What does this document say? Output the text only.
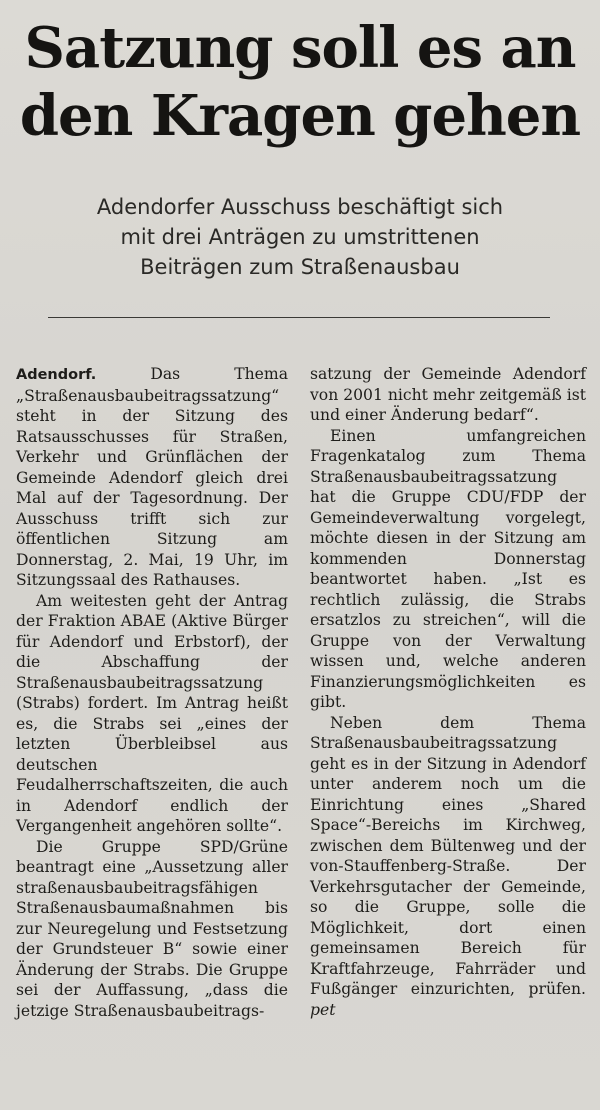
Satzung soll es an den Kragen gehen
Adendorfer Ausschuss beschäftigt sich
mit drei Anträgen zu umstrittenen
Beiträgen zum Straßenausbau

Adendorf.	Das Thema „Straßenausbaubeitragssatzung“ steht in der Sitzung des Ratsausschusses für Straßen, Verkehr und Grünflächen der Gemeinde Adendorf gleich drei Mal auf der Tagesordnung. Der Ausschuss trifft sich zur öffentlichen Sitzung am Donnerstag, 2. Mai, 19 Uhr, im Sitzungssaal des Rathauses.

Am weitesten geht der Antrag der Fraktion ABAE (Aktive Bürger für Adendorf und Erbstorf), der die Abschaffung der Straßenausbaubeitragssatzung (Strabs) fordert. Im Antrag heißt es, die Strabs sei „eines der letzten Überbleibsel aus deutschen Feudalherrschaftszeiten, die auch in Adendorf endlich der Vergangenheit angehören sollte“.

Die Gruppe SPD/Grüne beantragt eine „Aussetzung aller straßenausbaubeitragsfähigen Straßenausbaumaßnahmen bis zur Neuregelung und Festsetzung der Grundsteuer B“ sowie einer Änderung der Strabs. Die Gruppe sei der Auffassung, „dass die jetzige Straßenausbaubeitrags-

satzung der Gemeinde Adendorf von 2001 nicht mehr zeitgemäß ist und einer Änderung bedarf“.

Einen umfangreichen Fragenkatalog zum Thema Straßenausbaubeitragssatzung hat die Gruppe CDU/FDP der Gemeindeverwaltung vorgelegt, möchte diesen in der Sitzung am kommenden Donnerstag beantwortet haben. „Ist es rechtlich zulässig, die Strabs ersatzlos zu streichen“, will die Gruppe von der Verwaltung wissen und, welche anderen Finanzierungsmöglichkeiten es gibt.

Neben dem Thema Straßenausbaubeitragssatzung geht es in der Sitzung in Adendorf unter anderem noch um die Einrichtung eines „Shared Space“-Bereichs im Kirchweg, zwischen dem Bültenweg und der von-Stauffenberg-Straße. Der Verkehrsgutacher der Gemeinde, so die Gruppe, solle die Möglichkeit, dort einen gemeinsamen Bereich für Kraftfahrzeuge, Fahrräder und Fußgänger einzurichten, prüfen. pet
